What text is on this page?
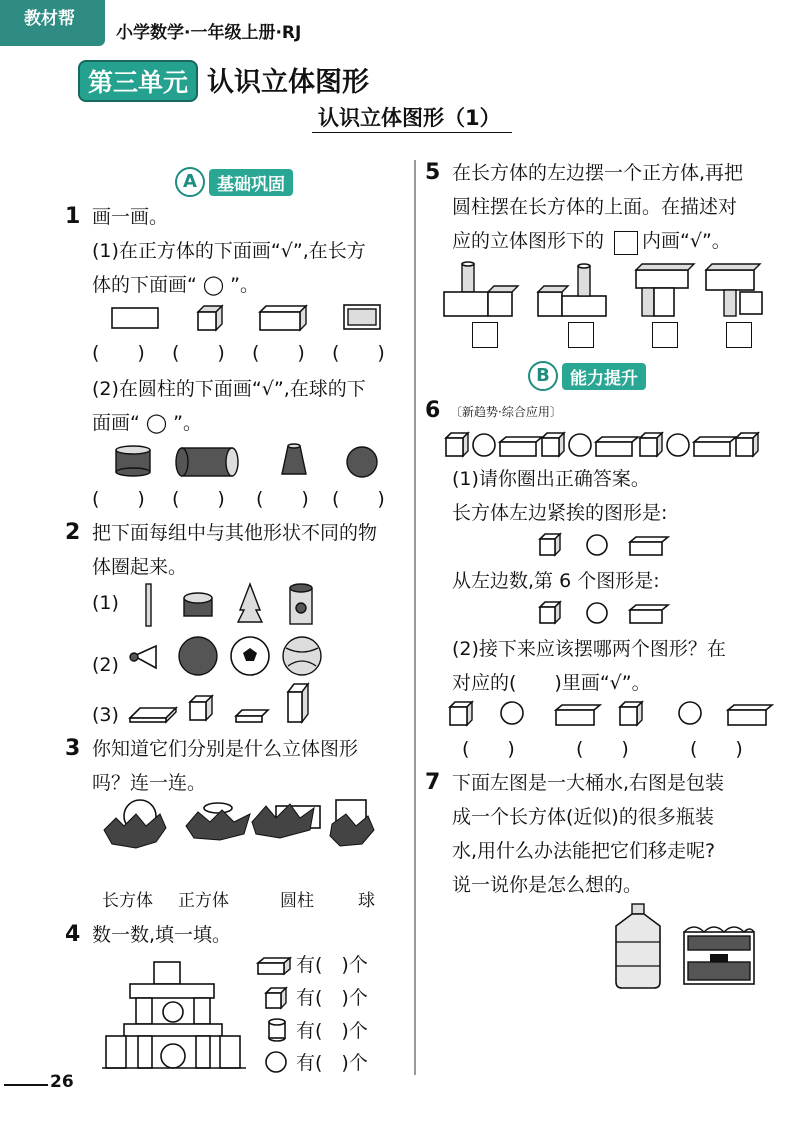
教材帮
小学数学·一年级上册·RJ
第三单元 认识立体图形
认识立体图形（1）
A	基础巩固
1 画一画。
(1)在正方体的下面画“√”,在长方
体的下面画“ ◯ ”。
(　　) (　　) (　　) (　　)
(2)在圆柱的下面画“√”,在球的下
面画“ ◯ ”。
(　　) (　　) (　　) (　　)
2 把下面每组中与其他形状不同的物
体圈起来。
(1)
(2)
(3)
3 你知道它们分别是什么立体图形
吗？连一连。
长方体 正方体	圆柱	球
4 数一数,填一填。
有(　)个
有(　)个
有(　)个
有(　)个
26
5 在长方体的左边摆一个正方体,再把
圆柱摆在长方体的上面。在描述对
应的立体图形下的 内画“√”。
B	能力提升
6 〔新趋势·综合应用〕
(1)请你圈出正确答案。
长方体左边紧挨的图形是:
从左边数,第 6 个图形是:
(2)接下来应该摆哪两个图形？在
对应的(　　)里画“√”。
(　　)	(　　)	(　　)
7 下面左图是一大桶水,右图是包装
成一个长方体(近似)的很多瓶装
水,用什么办法能把它们移走呢?
说一说你是怎么想的。
